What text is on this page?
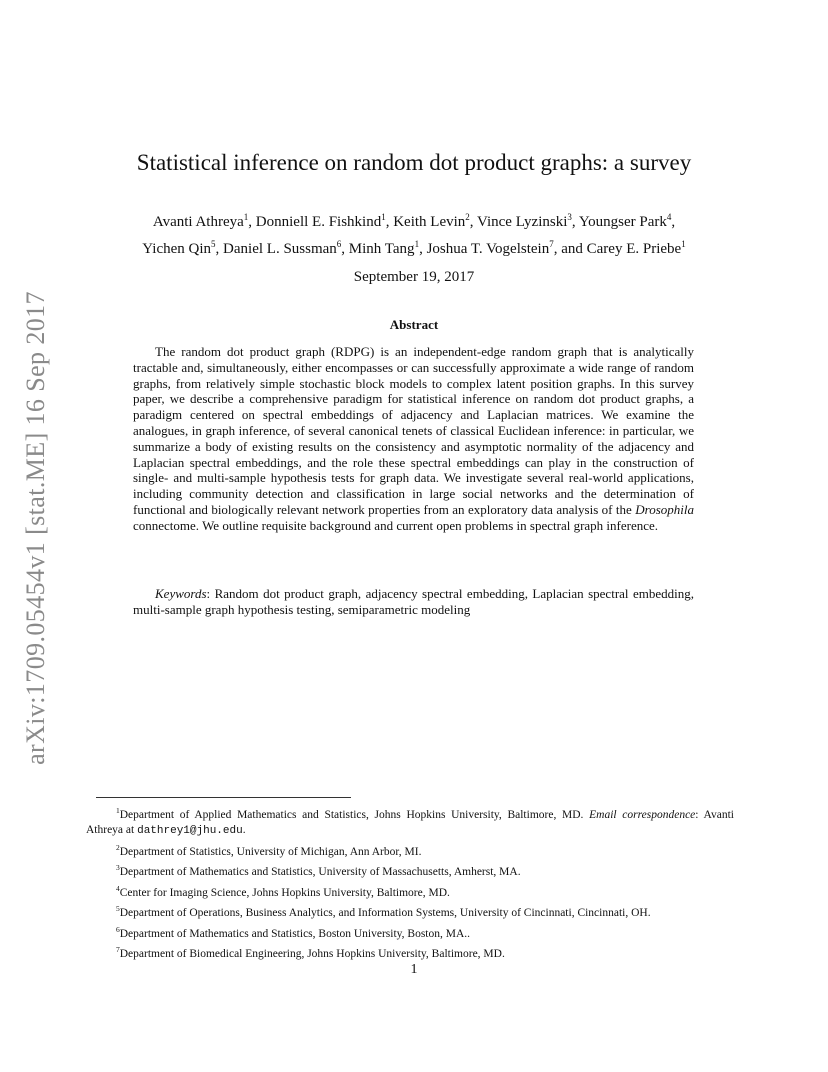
arXiv:1709.05454v1 [stat.ME] 16 Sep 2017
Statistical inference on random dot product graphs: a survey
Avanti Athreya$^1$, Donniell E. Fishkind$^1$, Keith Levin$^2$, Vince Lyzinski$^3$, Youngser Park$^4$,
Yichen Qin$^5$, Daniel L. Sussman$^6$, Minh Tang$^1$, Joshua T. Vogelstein$^7$, and Carey E. Priebe$^1$
September 19, 2017
Abstract
The random dot product graph (RDPG) is an independent-edge random graph that is analytically tractable and, simultaneously, either encompasses or can successfully approximate a wide range of random graphs, from relatively simple stochastic block models to complex latent position graphs. In this survey paper, we describe a comprehensive paradigm for statistical inference on random dot product graphs, a paradigm centered on spectral embeddings of adjacency and Laplacian matrices. We examine the analogues, in graph inference, of several canonical tenets of classical Euclidean inference: in particular, we summarize a body of existing results on the consistency and asymptotic normality of the adjacency and Laplacian spectral embeddings, and the role these spectral embeddings can play in the construction of single- and multi-sample hypothesis tests for graph data. We investigate several real-world applications, including community detection and classification in large social networks and the determination of functional and biologically relevant network properties from an exploratory data analysis of the Drosophila connectome. We outline requisite background and current open problems in spectral graph inference.
Keywords: Random dot product graph, adjacency spectral embedding, Laplacian spectral embedding, multi-sample graph hypothesis testing, semiparametric modeling
$^1$Department of Applied Mathematics and Statistics, Johns Hopkins University, Baltimore, MD. Email correspondence: Avanti Athreya at dathrey1@jhu.edu.
$^2$Department of Statistics, University of Michigan, Ann Arbor, MI.
$^3$Department of Mathematics and Statistics, University of Massachusetts, Amherst, MA.
$^4$Center for Imaging Science, Johns Hopkins University, Baltimore, MD.
$^5$Department of Operations, Business Analytics, and Information Systems, University of Cincinnati, Cincinnati, OH.
$^6$Department of Mathematics and Statistics, Boston University, Boston, MA..
$^7$Department of Biomedical Engineering, Johns Hopkins University, Baltimore, MD.
1
